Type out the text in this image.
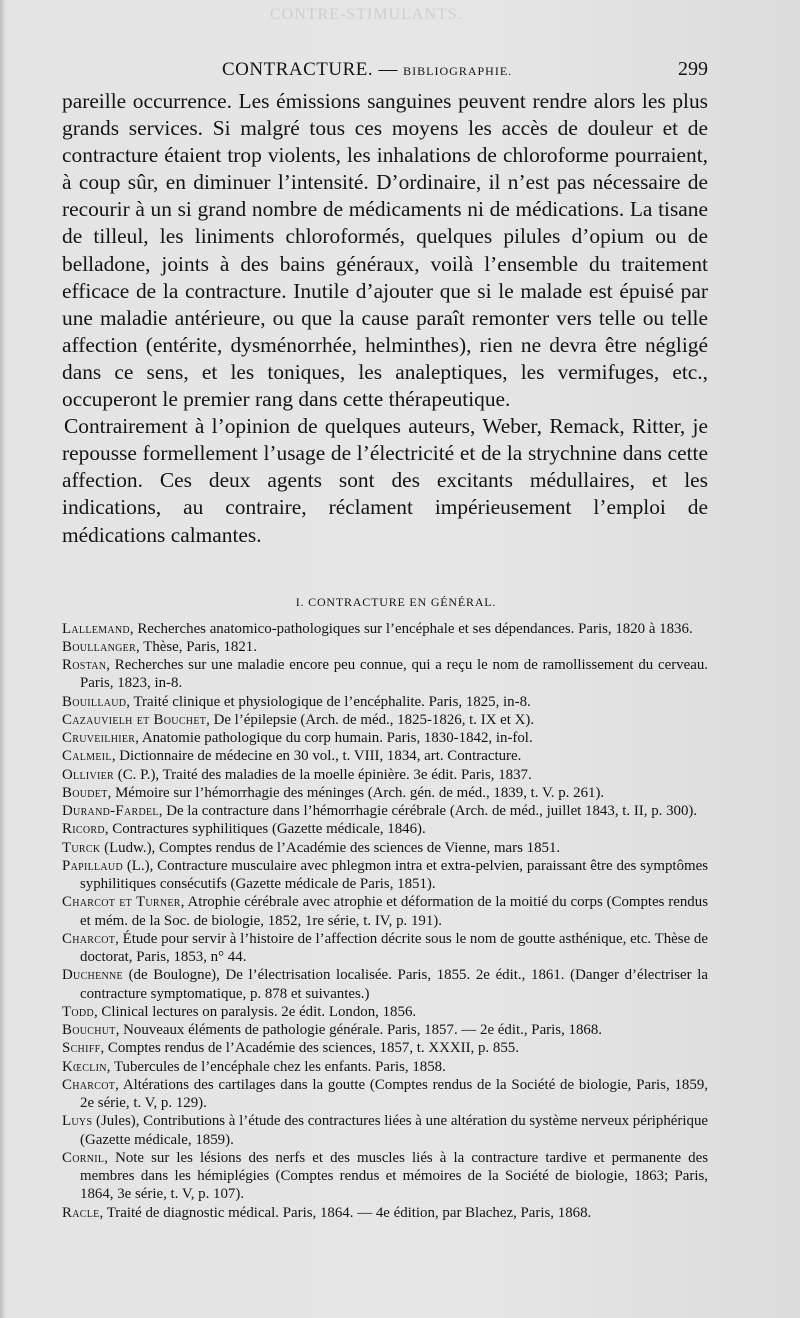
CONTRE-STIMULANTS.
CONTRACTURE. — BIBLIOGRAPHIE.	299

pareille occurrence. Les émissions sanguines peuvent rendre alors les plus grands services. Si malgré tous ces moyens les accès de douleur et de contracture étaient trop violents, les inhalations de chloroforme pourraient, à coup sûr, en diminuer l’intensité. D’ordinaire, il n’est pas nécessaire de recourir à un si grand nombre de médicaments ni de médications. La tisane de tilleul, les liniments chloroformés, quelques pilules d’opium ou de belladone, joints à des bains généraux, voilà l’ensemble du traitement efficace de la contracture. Inutile d’ajouter que si le malade est épuisé par une maladie antérieure, ou que la cause paraît remonter vers telle ou telle affection (entérite, dysménorrhée, helminthes), rien ne devra être négligé dans ce sens, et les toniques, les analeptiques, les vermifuges, etc., occuperont le premier rang dans cette thérapeutique.

Contrairement à l’opinion de quelques auteurs, Weber, Remack, Ritter, je repousse formellement l’usage de l’électricité et de la strychnine dans cette affection. Ces deux agents sont des excitants médullaires, et les indications, au contraire, réclament impérieusement l’emploi de médications calmantes.

I. CONTRACTURE EN GÉNÉRAL.
Lallemand, Recherches anatomico-pathologiques sur l’encéphale et ses dépendances. Paris, 1820 à 1836.
Boullanger, Thèse, Paris, 1821.
Rostan, Recherches sur une maladie encore peu connue, qui a reçu le nom de ramollissement du cerveau. Paris, 1823, in-8.
Bouillaud, Traité clinique et physiologique de l’encéphalite. Paris, 1825, in-8.
Cazauvielh et Bouchet, De l’épilepsie (Arch. de méd., 1825-1826, t. IX et X).
Cruveilhier, Anatomie pathologique du corp humain. Paris, 1830-1842, in-fol.
Calmeil, Dictionnaire de médecine en 30 vol., t. VIII, 1834, art. Contracture.
Ollivier (C. P.), Traité des maladies de la moelle épinière. 3e édit. Paris, 1837.
Boudet, Mémoire sur l’hémorrhagie des méninges (Arch. gén. de méd., 1839, t. V. p. 261).
Durand-Fardel, De la contracture dans l’hémorrhagie cérébrale (Arch. de méd., juillet 1843, t. II, p. 300).
Ricord, Contractures syphilitiques (Gazette médicale, 1846).
Turck (Ludw.), Comptes rendus de l’Académie des sciences de Vienne, mars 1851.
Papillaud (L.), Contracture musculaire avec phlegmon intra et extra-pelvien, paraissant être des symptômes syphilitiques consécutifs (Gazette médicale de Paris, 1851).
Charcot et Turner, Atrophie cérébrale avec atrophie et déformation de la moitié du corps (Comptes rendus et mém. de la Soc. de biologie, 1852, 1re série, t. IV, p. 191).
Charcot, Étude pour servir à l’histoire de l’affection décrite sous le nom de goutte asthénique, etc. Thèse de doctorat, Paris, 1853, n° 44.
Duchenne (de Boulogne), De l’électrisation localisée. Paris, 1855. 2e édit., 1861. (Danger d’électriser la contracture symptomatique, p. 878 et suivantes.)
Todd, Clinical lectures on paralysis. 2e édit. London, 1856.
Bouchut, Nouveaux éléments de pathologie générale. Paris, 1857. — 2e édit., Paris, 1868.
Schiff, Comptes rendus de l’Académie des sciences, 1857, t. XXXII, p. 855.
Kœclin, Tubercules de l’encéphale chez les enfants. Paris, 1858.
Charcot, Altérations des cartilages dans la goutte (Comptes rendus de la Société de biologie, Paris, 1859, 2e série, t. V, p. 129).
Luys (Jules), Contributions à l’étude des contractures liées à une altération du système nerveux périphérique (Gazette médicale, 1859).
Cornil, Note sur les lésions des nerfs et des muscles liés à la contracture tardive et permanente des membres dans les hémiplégies (Comptes rendus et mémoires de la Société de biologie, 1863; Paris, 1864, 3e série, t. V, p. 107).
Racle, Traité de diagnostic médical. Paris, 1864. — 4e édition, par Blachez, Paris, 1868.
